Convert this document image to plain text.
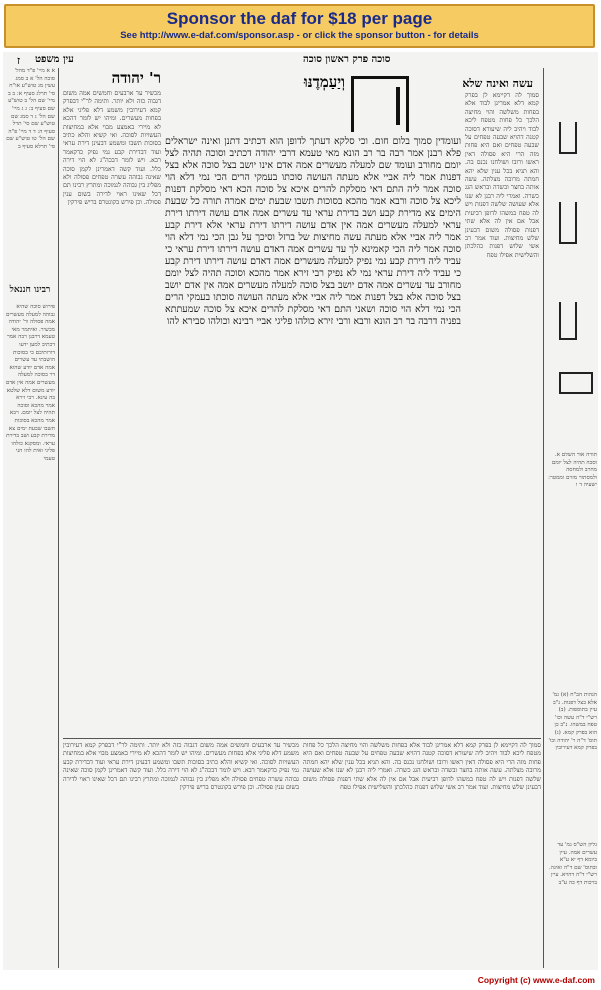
Sponsor the daf for $18 per page
See http://www.e-daf.com/sponsor.asp - or click the sponsor button - for details
ז עין משפט	סוכה פרק ראשון סוכה

א א מיי' פ"ד מהל' סוכה הל' א ב סמג עשין מג טוש"ע או"ח סי' תרלג סעיף א: ב ב מיי' שם הל' ב טוש"ע שם סעיף ב: ג ג מיי' שם הל' ג ד סמג שם טוש"ע שם סי' תרל סעיף ה: ד ד מיי' פ"ה שם הל' טו טוש"ע שם סי' תרלא סעיף ב

רבינו חננאל

פירוש סוכה שהיא גבוהה למעלה מעשרים אמה פסולה ור' יהודה מכשיר. ואיתמר מאי טעמא דרבנן רבה אמר דכתיב למען ידעו דורותיכם כי בסוכות הושבתי עד עשרים אמה אדם יודע שהוא דר בסוכה למעלה מעשרים אמה אין אדם יודע משום דלא שלטא בה עינא. רבי זירא אמר מהכא וסוכה תהיה לצל יומם. רבא אמר מהכא בסוכות תשבו שבעת ימים צא מדירת קבע ושב בדירת עראי. ומסקנא כולהו פליגי ואית להו הני טעמי

ר' יהודה

מכשיר עד ארבעים וחמשים אמה משום דגבוה כזה ולא יותר. ותימה לר"י דבפרק קמא דעירובין משמע דלא פליגי אלא בפחות מעשרים. ומיהו יש לומר דהכא לא מיירי באמצע מבוי אלא במחיצות העשויות לסוכה. ואי קשיא והלא כתיב בסוכות תשבו ומשמע דבעינן דירת עראי ועוד דבדירת קבע נמי נפיק כדקאמר רבא. ויש לומר דבכה"ג לא הוי דירה כלל. ועוד קשה דאמרינן לקמן סוכה שאינה גבוהה עשרה טפחים פסולה ולא מפליג בין גבוהה לנמוכה ומתרץ רבינו תם דכל שאינו ראוי לדירה בשום ענין פסולה. וכן פירש בקונטרס בריש פירקין

וְיַעַמְדֶנּוּ

ועומדין סמוך בלום חום. וכי סלקא דעתך לדופן הוא דכתיב דתנן ואינה ישראלים פלא רבנן אמר רבה בר רב הונא מאי טעמא דרבי יהודה דכתיב וסוכה תהיה לצל יומם מחורב ועומד שם למעלה מעשרים אמה אדם אינו יושב בצל סוכה אלא בצל דפנות אמר ליה אביי אלא מעתה העושה סוכתו בעמקי הרים הכי נמי דלא הוי סוכה אמר ליה התם דאי מסלקת להרים איכא צל סוכה הכא דאי מסלקת דפנות ליכא צל סוכה ורבא אמר מהכא בסוכות תשבו שבעת ימים אמרה תורה כל שבעת הימים צא מדירת קבע ושב בדירת עראי עד עשרים אמה אדם עושה דירתו דירת עראי למעלה מעשרים אמה אין אדם עושה דירתו דירת עראי אלא דירת קבע אמר ליה אביי אלא מעתה עשה מחיצות של ברזל וסיכך על גבן הכי נמי דלא הוי סוכה אמר ליה הכי קאמינא לך עד עשרים אמה דאדם עושה דירתו דירת עראי כי עביד ליה דירת קבע נמי נפיק למעלה מעשרים אמה דאדם עושה דירתו דירת קבע כי עביד ליה דירת עראי נמי לא נפיק רבי זירא אמר מהכא וסוכה תהיה לצל יומם מחורב עד עשרים אמה אדם יושב בצל סוכה למעלה מעשרים אמה אין אדם יושב בצל סוכה אלא בצל דפנות אמר ליה אביי אלא מעתה העושה סוכתו בעמקי הרים הכי נמי דלא הוי סוכה ושאני התם דאי מסלקת להרים איכא צל סוכה שמעתתא בפניה דרבה בר רב הונא ורבא ורבי זירא כולהו פליגי אביי רבינא וכולהו סבירא להו

עשה ואינה שלא

סמוך לה דקיימא לן בפרק קמא דלא אמרינן לבוד אלא בפחות משלשה והוי מחיצה הלכך כל פחות מטפח ליכא לבוד ויהיב ליה שיעורא דסוכה קטנה דהויא שבעה טפחים על שבעה טפחים ואם היא פחות מזה הרי היא פסולה דאין ראשו ורובו ושולחנו נכנס בה. והא תניא בכל ענין שלא יהא חמתה מרובה מצלתה. עשה אותה בחצר ובשדה ובראש הגג כשרה. ואמרי ליה רבנן לא שנו אלא שעושה שלשה דפנות ויש לה טפח במשהו לדופן רביעית אבל אם אין לה אלא שתי דפנות פסולה משום דבעינן שלש מחיצות. ועוד אמר רב אשי שלוש דפנות כהלכתן והשלישית אפילו טפח

סמוך לה דקיימא לן בפרק קמא דלא אמרינן לבוד אלא בפחות משלשה והוי מחיצה הלכך כל פחות מטפח ליכא לבוד ויהיב ליה שיעורא דסוכה קטנה דהויא שבעה טפחים על שבעה טפחים ואם היא פחות מזה הרי היא פסולה דאין ראשו ורובו ושולחנו נכנס בה. והא תניא בכל ענין שלא יהא חמתה מרובה מצלתה. עשה אותה בחצר ובשדה ובראש הגג כשרה. ואמרי ליה רבנן לא שנו אלא שעושה שלשה דפנות ויש לה טפח במשהו לדופן רביעית אבל אם אין לה אלא שתי דפנות פסולה משום דבעינן שלש מחיצות. ועוד אמר רב אשי שלוש דפנות כהלכתן והשלישית אפילו טפח

מכשיר עד ארבעים וחמשים אמה משום דגבוה כזה ולא יותר. ותימה לר"י דבפרק קמא דעירובין משמע דלא פליגי אלא בפחות מעשרים. ומיהו יש לומר דהכא לא מיירי באמצע מבוי אלא במחיצות העשויות לסוכה. ואי קשיא והלא כתיב בסוכות תשבו ומשמע דבעינן דירת עראי ועוד דבדירת קבע נמי נפיק כדקאמר רבא. ויש לומר דבכה"ג לא הוי דירה כלל. ועוד קשה דאמרינן לקמן סוכה שאינה גבוהה עשרה טפחים פסולה ולא מפליג בין גבוהה לנמוכה ומתרץ רבינו תם דכל שאינו ראוי לדירה בשום ענין פסולה. וכן פירש בקונטרס בריש פירקין

תורה אור השלם א. וסכה תהיה לצל יומם מחרב ולמחסה ולמסתור מזרם וממטר: ישעיה ד ו

הגהות הב"ח (א) גמ' אלא בצל דפנות. נ"ב עיין בתוספות. (ב) רש"י ד"ה עשה וכו' טפח במשהו. נ"ב כן הוא בפרק קמא. (ג) תוס' ד"ה ר' יהודה וכו' בפרק קמא דעירובין

גליון הש"ס גמ' עד עשרים אמה. עיין ביומא דף יא ע"א ובתוס' שם ד"ה ואינה. רש"י ד"ה דהויא. עיין ברכות דף כה ע"ב

Copyright (c) www.e-daf.com
